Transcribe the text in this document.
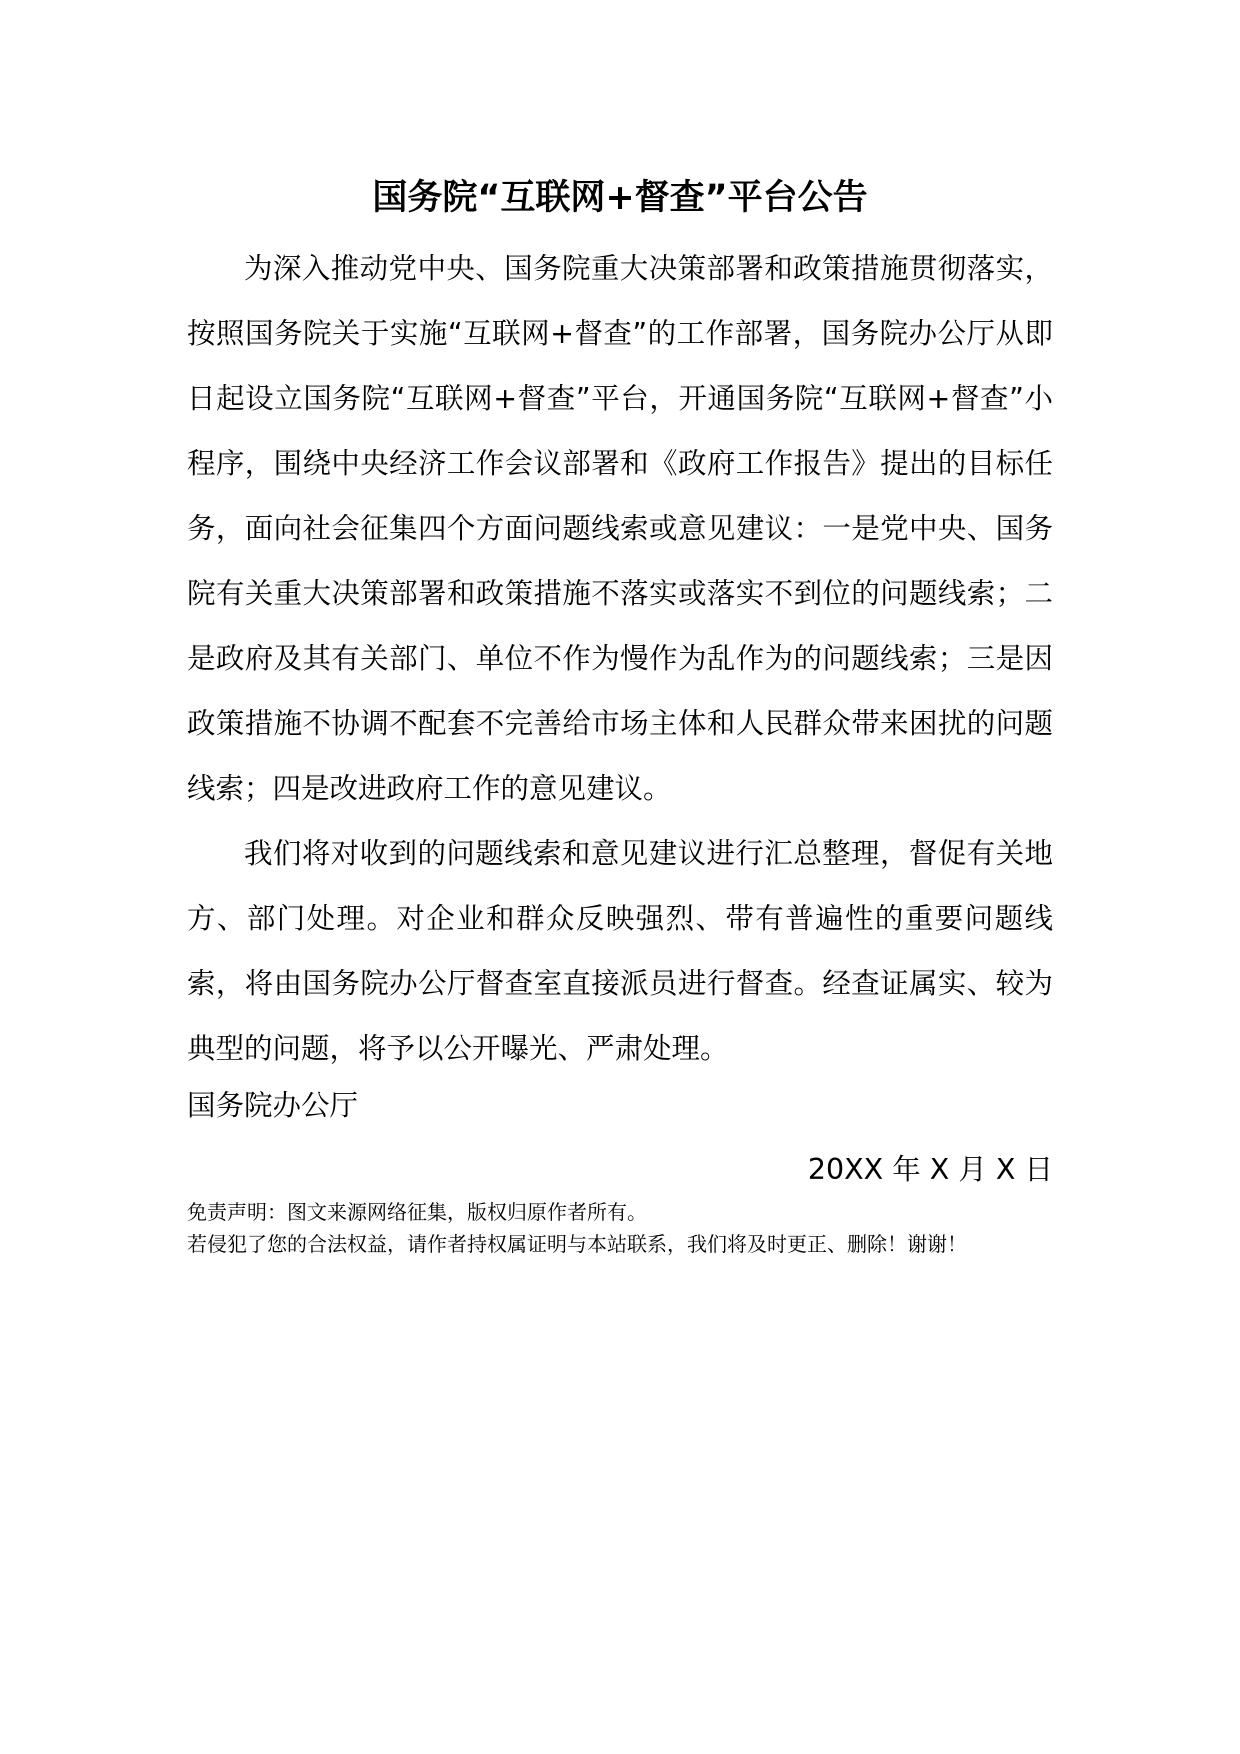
国务院“互联网+督查”平台公告

为深入推动党中央、国务院重大决策部署和政策措施贯彻落实，按照国务院关于实施“互联网+督查”的工作部署，国务院办公厅从即日起设立国务院“互联网+督查”平台，开通国务院“互联网+督查”小程序，围绕中央经济工作会议部署和《政府工作报告》提出的目标任务，面向社会征集四个方面问题线索或意见建议：一是党中央、国务院有关重大决策部署和政策措施不落实或落实不到位的问题线索；二是政府及其有关部门、单位不作为慢作为乱作为的问题线索；三是因政策措施不协调不配套不完善给市场主体和人民群众带来困扰的问题线索；四是改进政府工作的意见建议。

我们将对收到的问题线索和意见建议进行汇总整理，督促有关地方、部门处理。对企业和群众反映强烈、带有普遍性的重要问题线索，将由国务院办公厅督查室直接派员进行督查。经查证属实、较为典型的问题，将予以公开曝光、严肃处理。

国务院办公厅

20XX 年 X 月 X 日

免责声明：图文来源网络征集，版权归原作者所有。
若侵犯了您的合法权益，请作者持权属证明与本站联系，我们将及时更正、删除！谢谢！
